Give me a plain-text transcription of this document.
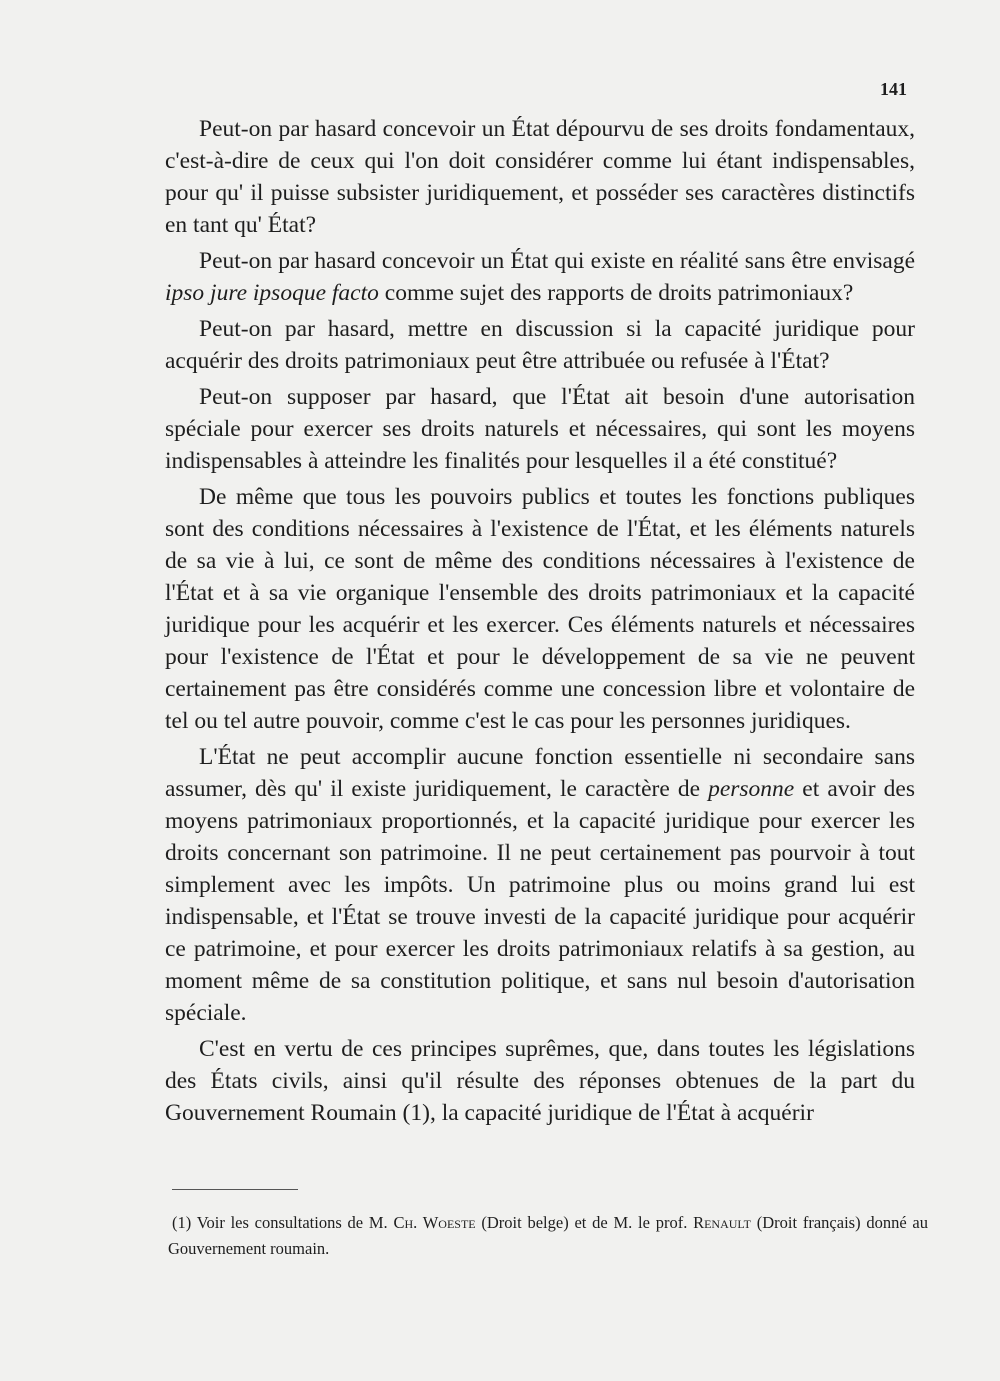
141

Peut-on par hasard concevoir un État dépourvu de ses droits fondamentaux, c'est-à-dire de ceux qui l'on doit considérer comme lui étant indispensables, pour qu' il puisse subsister juridiquement, et posséder ses caractères distinctifs en tant qu' État?

Peut-on par hasard concevoir un État qui existe en réalité sans être envisagé ipso jure ipsoque facto comme sujet des rapports de droits patrimoniaux?

Peut-on par hasard, mettre en discussion si la capacité juridique pour acquérir des droits patrimoniaux peut être attribuée ou refusée à l'État?

Peut-on supposer par hasard, que l'État ait besoin d'une autorisation spéciale pour exercer ses droits naturels et nécessaires, qui sont les moyens indispensables à atteindre les finalités pour lesquelles il a été constitué?

De même que tous les pouvoirs publics et toutes les fonctions publiques sont des conditions nécessaires à l'existence de l'État, et les éléments naturels de sa vie à lui, ce sont de même des conditions nécessaires à l'existence de l'État et à sa vie organique l'ensemble des droits patrimoniaux et la capacité juridique pour les acquérir et les exercer. Ces éléments naturels et nécessaires pour l'existence de l'État et pour le développement de sa vie ne peuvent certainement pas être considérés comme une concession libre et volontaire de tel ou tel autre pouvoir, comme c'est le cas pour les personnes juridiques.

L'État ne peut accomplir aucune fonction essentielle ni secondaire sans assumer, dès qu' il existe juridiquement, le caractère de personne et avoir des moyens patrimoniaux proportionnés, et la capacité juridique pour exercer les droits concernant son patrimoine. Il ne peut certainement pas pourvoir à tout simplement avec les impôts. Un patrimoine plus ou moins grand lui est indispensable, et l'État se trouve investi de la capacité juridique pour acquérir ce patrimoine, et pour exercer les droits patrimoniaux relatifs à sa gestion, au moment même de sa constitution politique, et sans nul besoin d'autorisation spéciale.

C'est en vertu de ces principes suprêmes, que, dans toutes les législations des États civils, ainsi qu'il résulte des réponses obtenues de la part du Gouvernement Roumain (1), la capacité juridique de l'État à acquérir

(1) Voir les consultations de M. Ch. Woeste (Droit belge) et de M. le prof. Renault (Droit français) donné au Gouvernement roumain.
